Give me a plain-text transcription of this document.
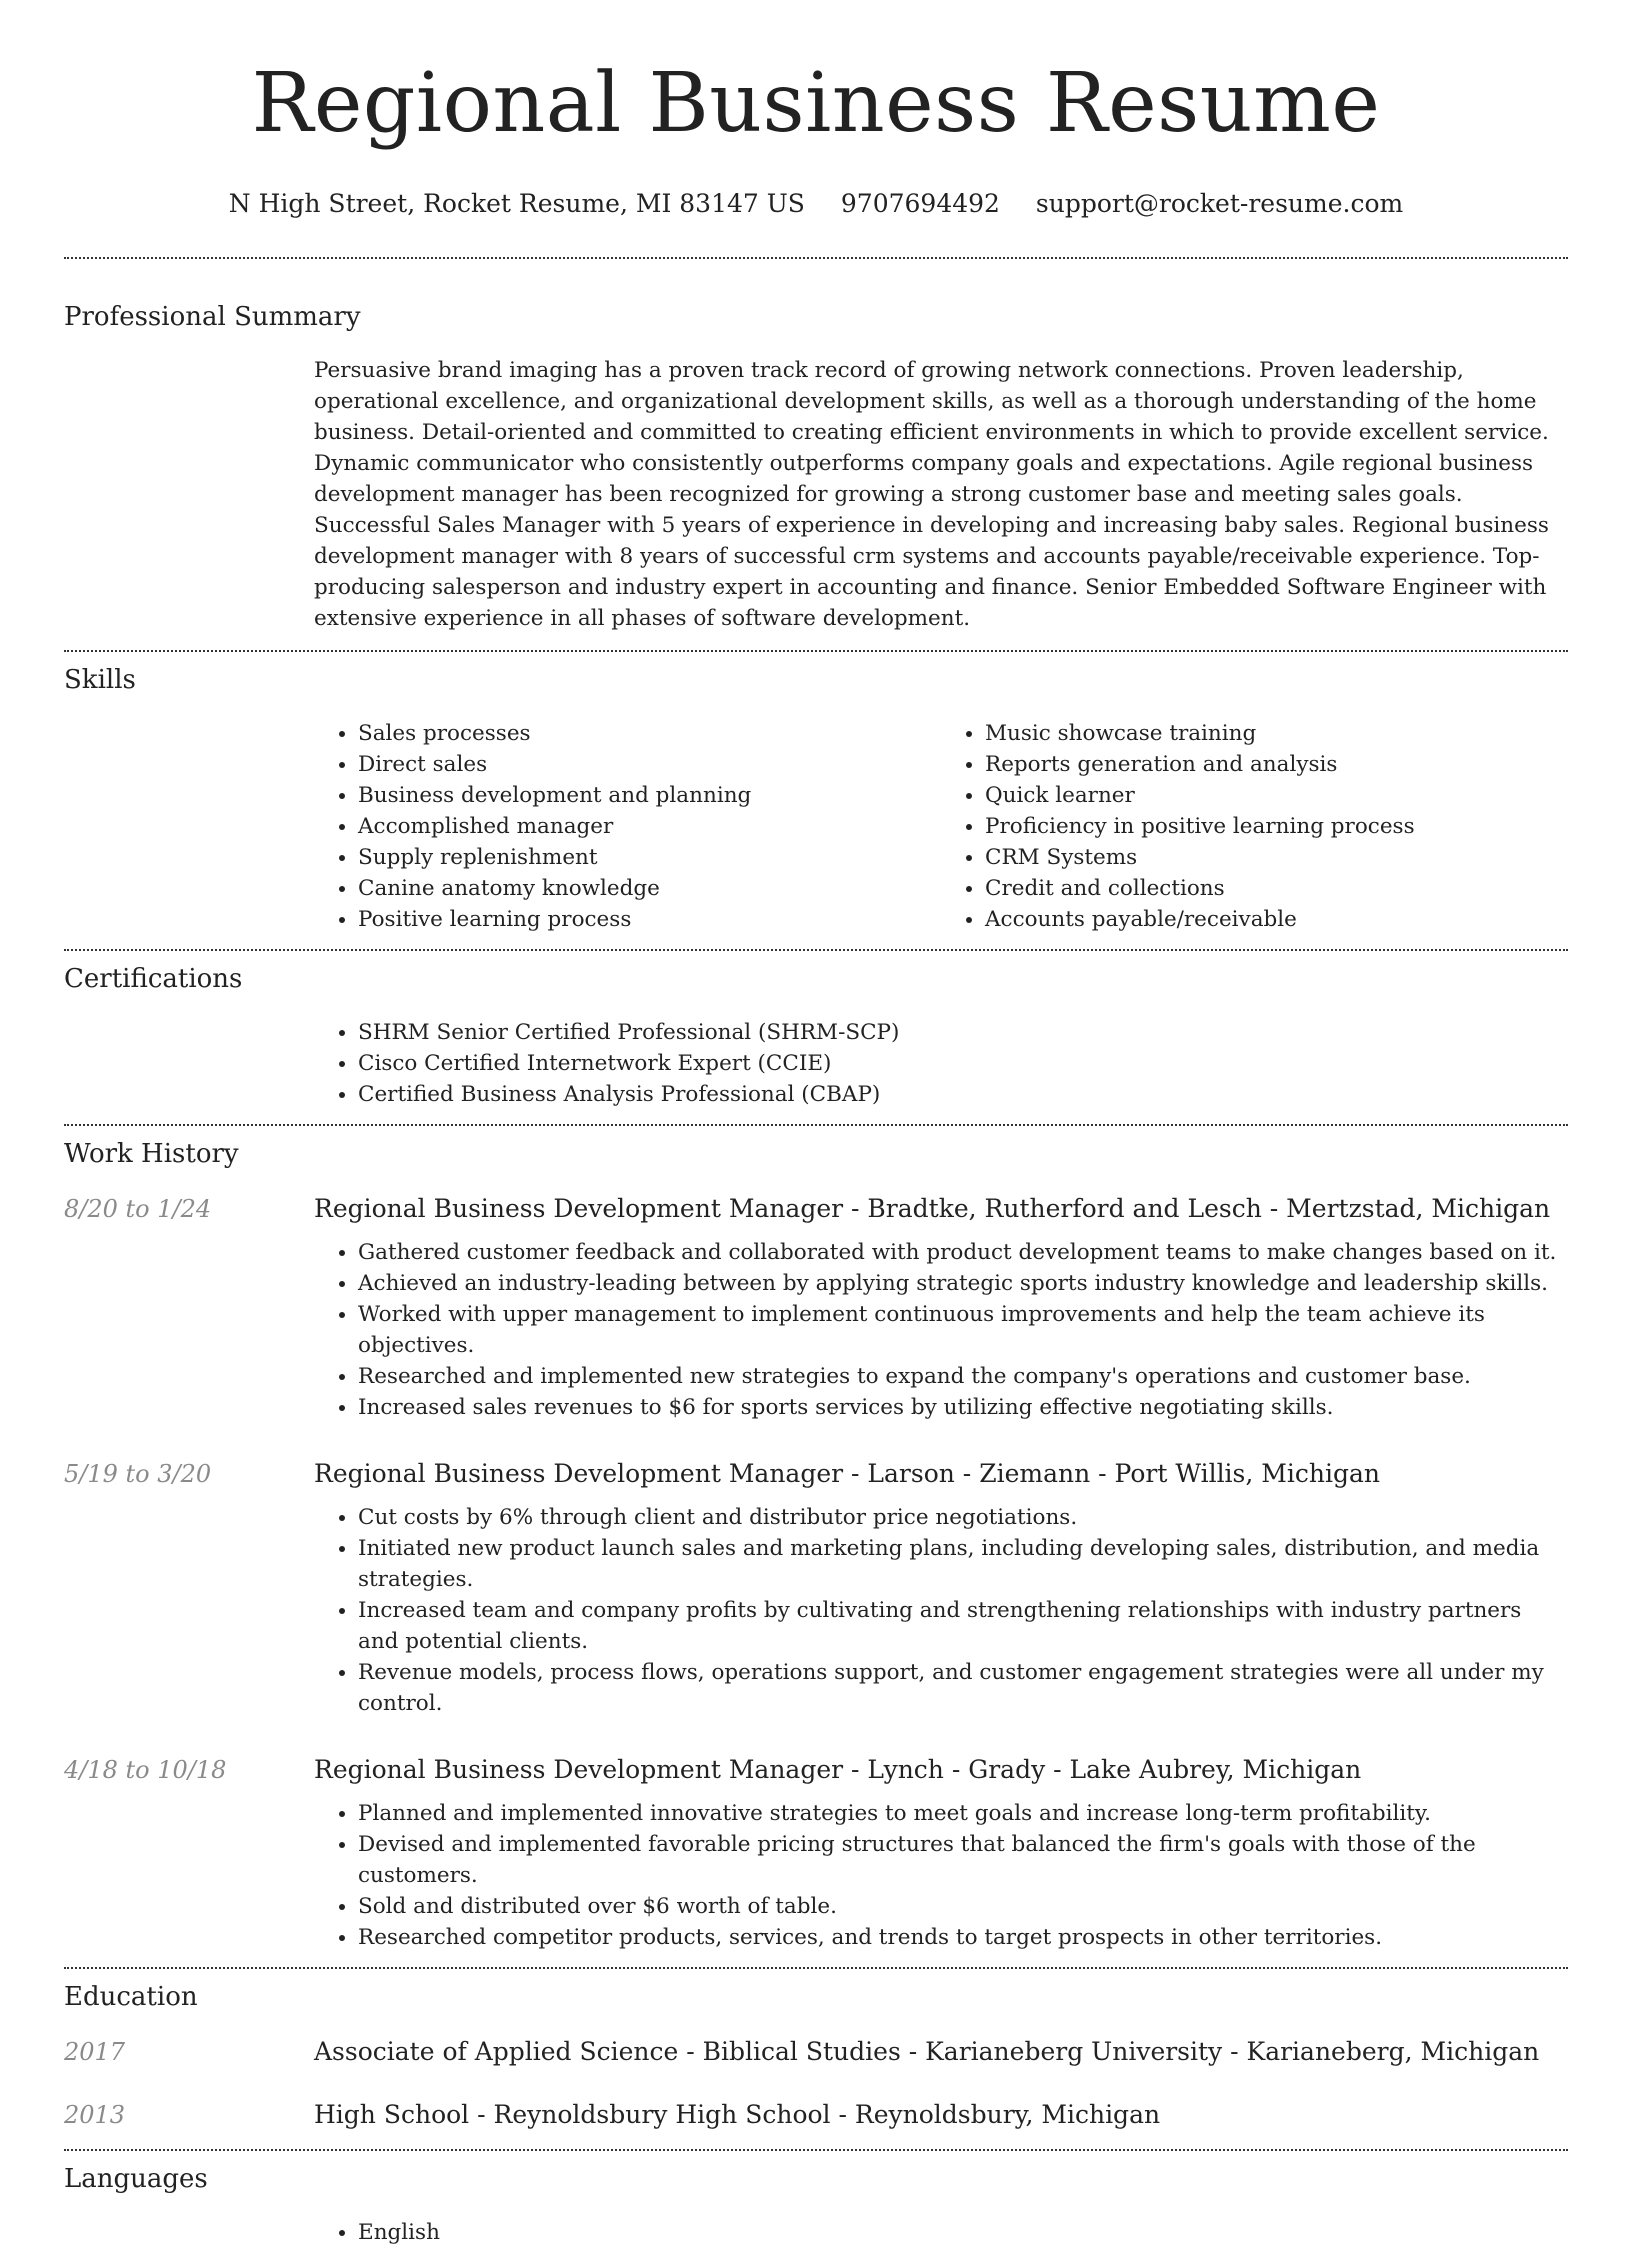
Regional Business Resume
N High Street, Rocket Resume, MI 83147 US 9707694492 support@rocket-resume.com
Professional Summary
Persuasive brand imaging has a proven track record of growing network connections. Proven leadership, operational excellence, and organizational development skills, as well as a thorough understanding of the home business. Detail-oriented and committed to creating efficient environments in which to provide excellent service. Dynamic communicator who consistently outperforms company goals and expectations. Agile regional business development manager has been recognized for growing a strong customer base and meeting sales goals. Successful Sales Manager with 5 years of experience in developing and increasing baby sales. Regional business development manager with 8 years of successful crm systems and accounts payable/receivable experience. Top-producing salesperson and industry expert in accounting and finance. Senior Embedded Software Engineer with extensive experience in all phases of software development.
Skills
• Sales processes
• Direct sales
• Business development and planning
• Accomplished manager
• Supply replenishment
• Canine anatomy knowledge
• Positive learning process
• Music showcase training
• Reports generation and analysis
• Quick learner
• Proficiency in positive learning process
• CRM Systems
• Credit and collections
• Accounts payable/receivable
Certifications
• SHRM Senior Certified Professional (SHRM-SCP)
• Cisco Certified Internetwork Expert (CCIE)
• Certified Business Analysis Professional (CBAP)
Work History
8/20 to 1/24	Regional Business Development Manager - Bradtke, Rutherford and Lesch - Mertzstad, Michigan
• Gathered customer feedback and collaborated with product development teams to make changes based on it.
• Achieved an industry-leading between by applying strategic sports industry knowledge and leadership skills.
• Worked with upper management to implement continuous improvements and help the team achieve its objectives.
• Researched and implemented new strategies to expand the company's operations and customer base.
• Increased sales revenues to $6 for sports services by utilizing effective negotiating skills.
5/19 to 3/20	Regional Business Development Manager - Larson - Ziemann - Port Willis, Michigan
• Cut costs by 6% through client and distributor price negotiations.
• Initiated new product launch sales and marketing plans, including developing sales, distribution, and media strategies.
• Increased team and company profits by cultivating and strengthening relationships with industry partners and potential clients.
• Revenue models, process flows, operations support, and customer engagement strategies were all under my control.
4/18 to 10/18	Regional Business Development Manager - Lynch - Grady - Lake Aubrey, Michigan
• Planned and implemented innovative strategies to meet goals and increase long-term profitability.
• Devised and implemented favorable pricing structures that balanced the firm's goals with those of the customers.
• Sold and distributed over $6 worth of table.
• Researched competitor products, services, and trends to target prospects in other territories.
Education
2017	Associate of Applied Science - Biblical Studies - Karianeberg University - Karianeberg, Michigan
2013	High School - Reynoldsbury High School - Reynoldsbury, Michigan
Languages
• English
